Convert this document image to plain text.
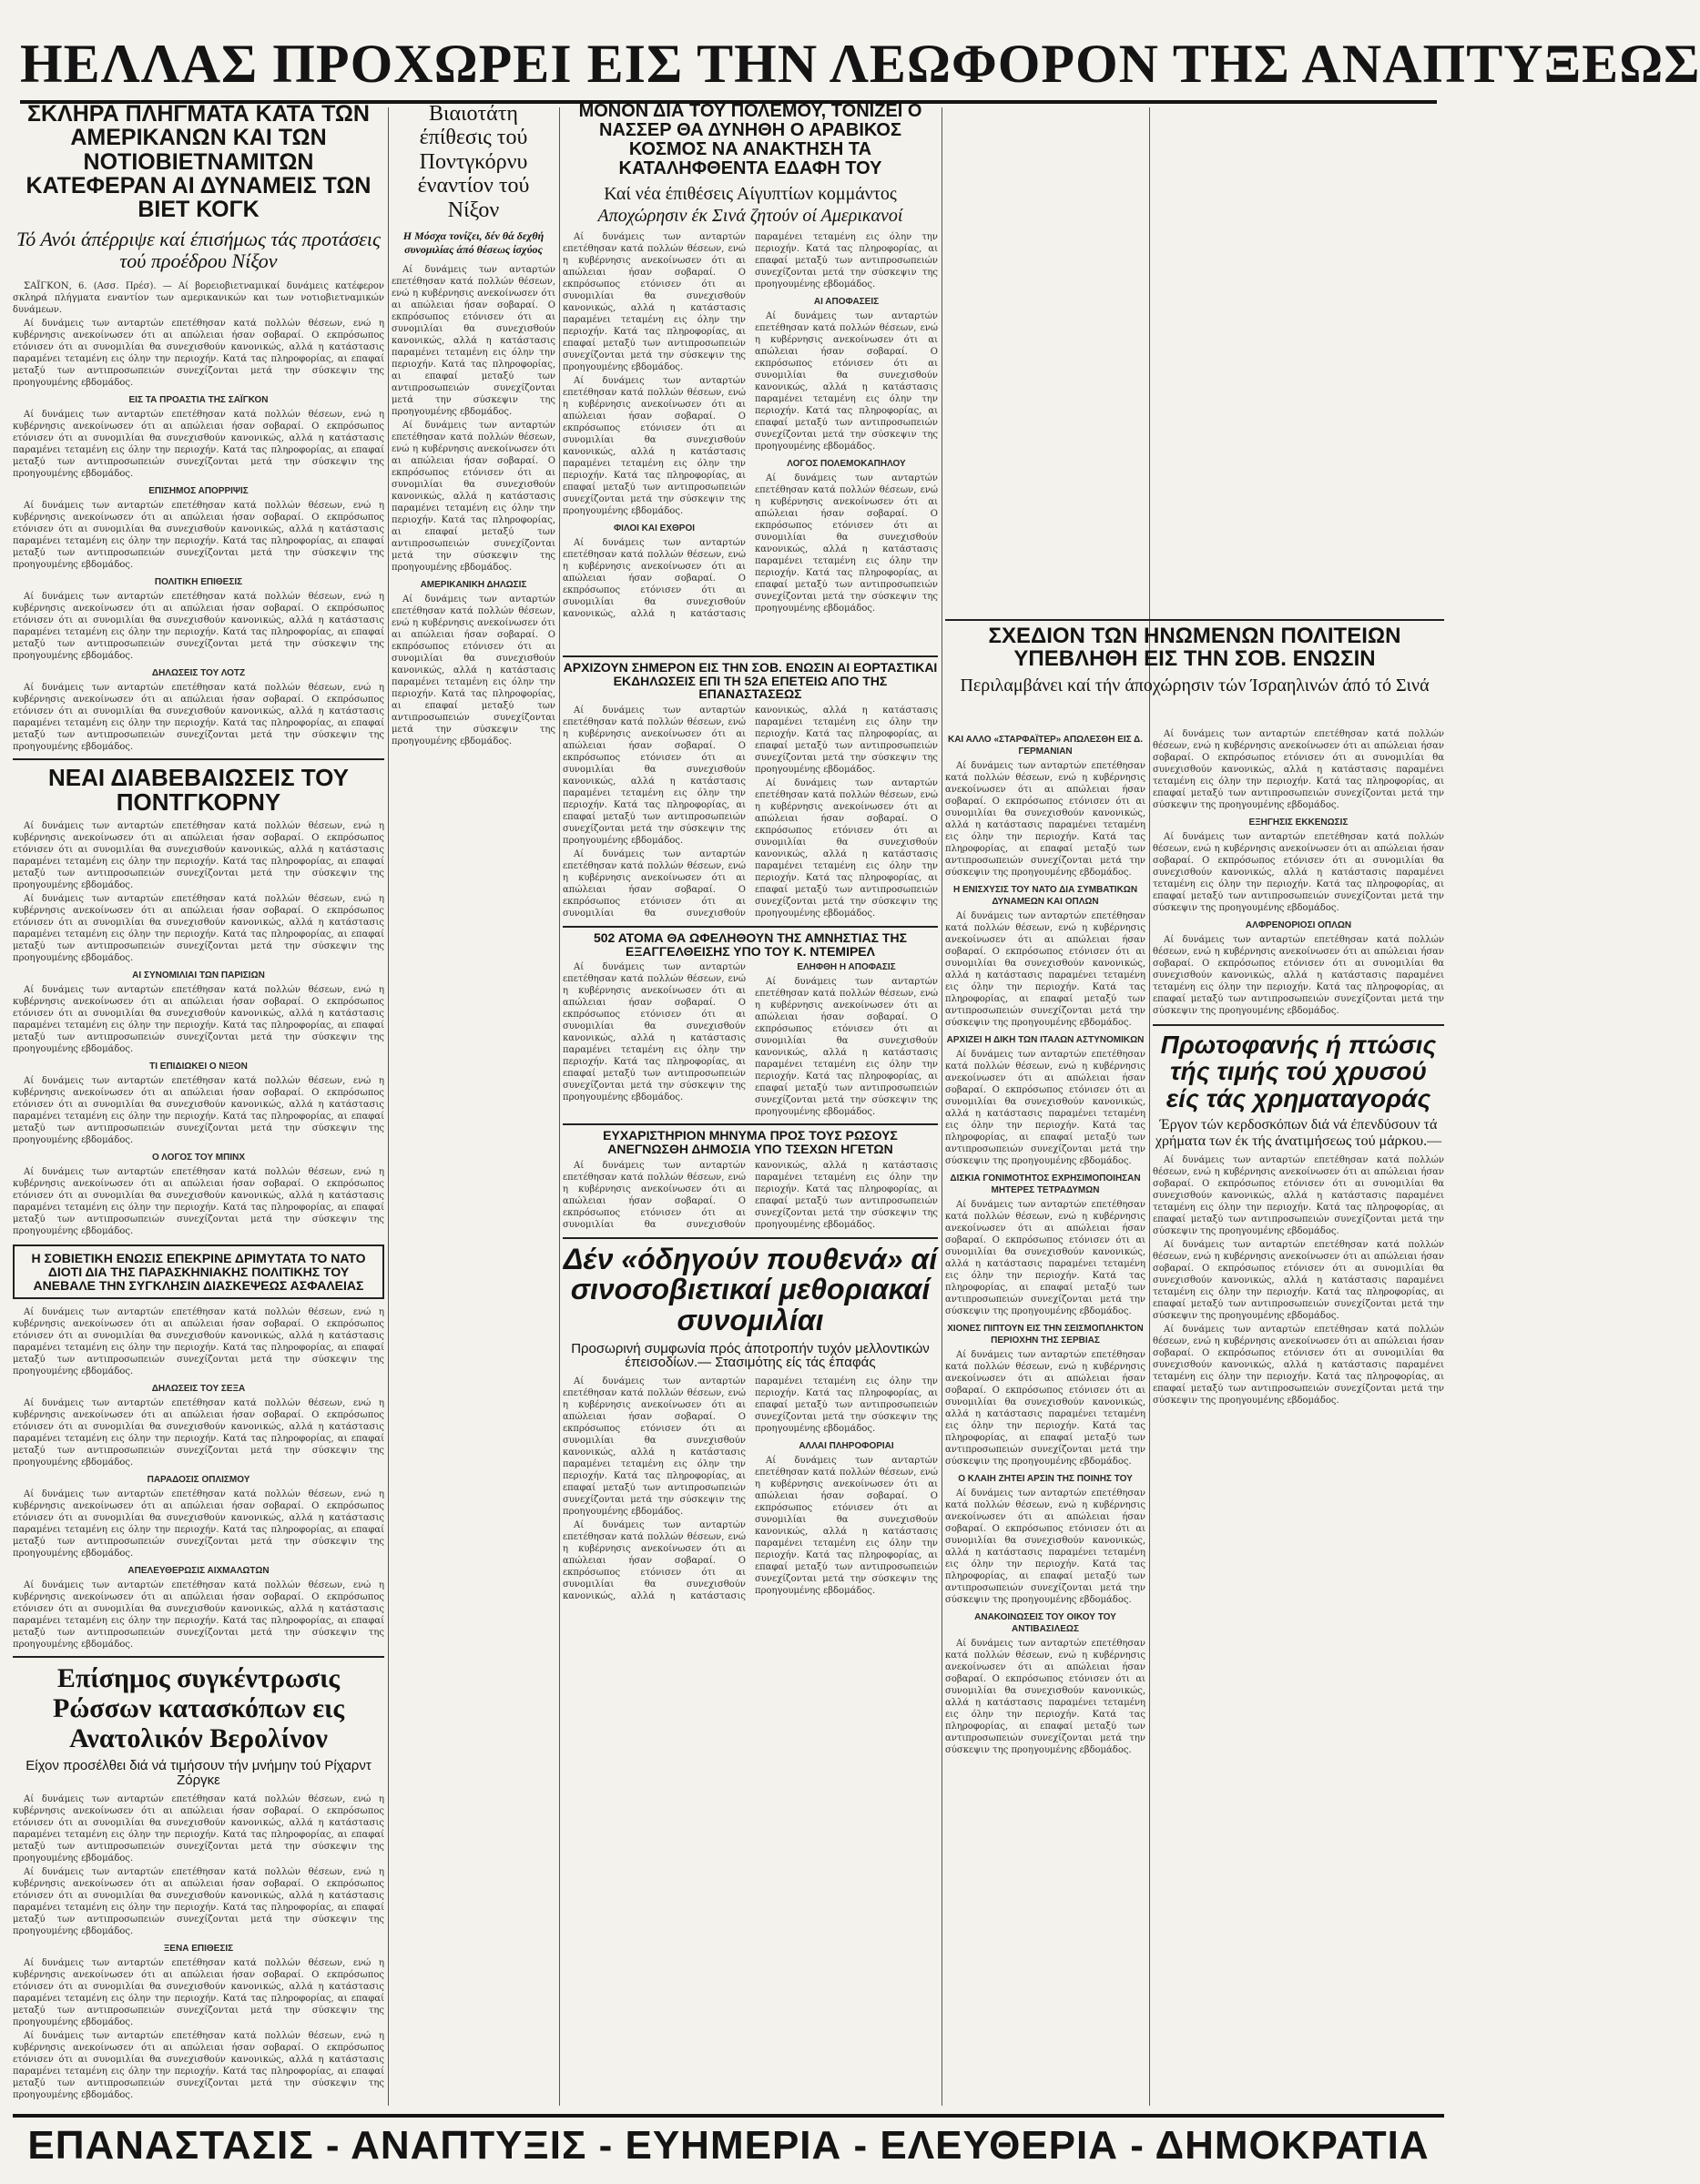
ΗΕΛΛΑΣ ΠΡΟΧΩΡΕΙ ΕΙΣ ΤΗΝ ΛΕΩΦΟΡΟΝ ΤΗΣ ΑΝΑΠΤΥΞΕΩΣ
ΣΚΛΗΡΑ ΠΛΗΓΜΑΤΑ ΚΑΤΑ ΤΩΝ ΑΜΕΡΙΚΑΝΩΝ ΚΑΙ ΤΩΝ ΝΟΤΙΟΒΙΕΤΝΑΜΙΤΩΝ ΚΑΤΕΦΕΡΑΝ ΑΙ ΔΥΝΑΜΕΙΣ ΤΩΝ ΒΙΕΤ ΚΟΓΚ
Τό Ανόι άπέρριψε καί έπισήμως τάς προτάσεις τού προέδρου Νίξον

ΣΑΪΓΚΟΝ, 6. (Ασσ. Πρέσ). — Αί βορειοβιετναμικαί δυνάμεις κατέφερον σκληρά πλήγματα εναντίον των αμερικανικών και των νοτιοβιετναμικών δυνάμεων.

Αί δυνάμεις των ανταρτών επετέθησαν κατά πολλών θέσεων, ενώ η κυβέρνησις ανεκοίνωσεν ότι αι απώλειαι ήσαν σοβαραί. Ο εκπρόσωπος ετόνισεν ότι αι συνομιλίαι θα συνεχισθούν κανονικώς, αλλά η κατάστασις παραμένει τεταμένη εις όλην την περιοχήν. Κατά τας πληροφορίας, αι επαφαί μεταξύ των αντιπροσωπειών συνεχίζονται μετά την σύσκεψιν της προηγουμένης εβδομάδος.

ΕΙΣ ΤΑ ΠΡΟΑΣΤΙΑ ΤΗΣ ΣΑΪΓΚΟΝ

Αί δυνάμεις των ανταρτών επετέθησαν κατά πολλών θέσεων, ενώ η κυβέρνησις ανεκοίνωσεν ότι αι απώλειαι ήσαν σοβαραί. Ο εκπρόσωπος ετόνισεν ότι αι συνομιλίαι θα συνεχισθούν κανονικώς, αλλά η κατάστασις παραμένει τεταμένη εις όλην την περιοχήν. Κατά τας πληροφορίας, αι επαφαί μεταξύ των αντιπροσωπειών συνεχίζονται μετά την σύσκεψιν της προηγουμένης εβδομάδος.

ΕΠΙΣΗΜΟΣ ΑΠΟΡΡΙΨΙΣ

Αί δυνάμεις των ανταρτών επετέθησαν κατά πολλών θέσεων, ενώ η κυβέρνησις ανεκοίνωσεν ότι αι απώλειαι ήσαν σοβαραί. Ο εκπρόσωπος ετόνισεν ότι αι συνομιλίαι θα συνεχισθούν κανονικώς, αλλά η κατάστασις παραμένει τεταμένη εις όλην την περιοχήν. Κατά τας πληροφορίας, αι επαφαί μεταξύ των αντιπροσωπειών συνεχίζονται μετά την σύσκεψιν της προηγουμένης εβδομάδος.

ΠΟΛΙΤΙΚΗ ΕΠΙΘΕΣΙΣ

Αί δυνάμεις των ανταρτών επετέθησαν κατά πολλών θέσεων, ενώ η κυβέρνησις ανεκοίνωσεν ότι αι απώλειαι ήσαν σοβαραί. Ο εκπρόσωπος ετόνισεν ότι αι συνομιλίαι θα συνεχισθούν κανονικώς, αλλά η κατάστασις παραμένει τεταμένη εις όλην την περιοχήν. Κατά τας πληροφορίας, αι επαφαί μεταξύ των αντιπροσωπειών συνεχίζονται μετά την σύσκεψιν της προηγουμένης εβδομάδος.

ΔΗΛΩΣΕΙΣ ΤΟΥ ΛΟΤΖ

Αί δυνάμεις των ανταρτών επετέθησαν κατά πολλών θέσεων, ενώ η κυβέρνησις ανεκοίνωσεν ότι αι απώλειαι ήσαν σοβαραί. Ο εκπρόσωπος ετόνισεν ότι αι συνομιλίαι θα συνεχισθούν κανονικώς, αλλά η κατάστασις παραμένει τεταμένη εις όλην την περιοχήν. Κατά τας πληροφορίας, αι επαφαί μεταξύ των αντιπροσωπειών συνεχίζονται μετά την σύσκεψιν της προηγουμένης εβδομάδος.

ΝΕΑΙ ΔΙΑΒΕΒΑΙΩΣΕΙΣ ΤΟΥ ΠΟΝΤΓΚΟΡΝΥ

Αί δυνάμεις των ανταρτών επετέθησαν κατά πολλών θέσεων, ενώ η κυβέρνησις ανεκοίνωσεν ότι αι απώλειαι ήσαν σοβαραί. Ο εκπρόσωπος ετόνισεν ότι αι συνομιλίαι θα συνεχισθούν κανονικώς, αλλά η κατάστασις παραμένει τεταμένη εις όλην την περιοχήν. Κατά τας πληροφορίας, αι επαφαί μεταξύ των αντιπροσωπειών συνεχίζονται μετά την σύσκεψιν της προηγουμένης εβδομάδος.

Αί δυνάμεις των ανταρτών επετέθησαν κατά πολλών θέσεων, ενώ η κυβέρνησις ανεκοίνωσεν ότι αι απώλειαι ήσαν σοβαραί. Ο εκπρόσωπος ετόνισεν ότι αι συνομιλίαι θα συνεχισθούν κανονικώς, αλλά η κατάστασις παραμένει τεταμένη εις όλην την περιοχήν. Κατά τας πληροφορίας, αι επαφαί μεταξύ των αντιπροσωπειών συνεχίζονται μετά την σύσκεψιν της προηγουμένης εβδομάδος.

ΑΙ ΣΥΝΟΜΙΛΙΑΙ ΤΩΝ ΠΑΡΙΣΙΩΝ

Αί δυνάμεις των ανταρτών επετέθησαν κατά πολλών θέσεων, ενώ η κυβέρνησις ανεκοίνωσεν ότι αι απώλειαι ήσαν σοβαραί. Ο εκπρόσωπος ετόνισεν ότι αι συνομιλίαι θα συνεχισθούν κανονικώς, αλλά η κατάστασις παραμένει τεταμένη εις όλην την περιοχήν. Κατά τας πληροφορίας, αι επαφαί μεταξύ των αντιπροσωπειών συνεχίζονται μετά την σύσκεψιν της προηγουμένης εβδομάδος.

ΤΙ ΕΠΙΔΙΩΚΕΙ Ο ΝΙΞΟΝ

Αί δυνάμεις των ανταρτών επετέθησαν κατά πολλών θέσεων, ενώ η κυβέρνησις ανεκοίνωσεν ότι αι απώλειαι ήσαν σοβαραί. Ο εκπρόσωπος ετόνισεν ότι αι συνομιλίαι θα συνεχισθούν κανονικώς, αλλά η κατάστασις παραμένει τεταμένη εις όλην την περιοχήν. Κατά τας πληροφορίας, αι επαφαί μεταξύ των αντιπροσωπειών συνεχίζονται μετά την σύσκεψιν της προηγουμένης εβδομάδος.

Ο ΛΟΓΟΣ ΤΟΥ ΜΠΙΝΧ

Αί δυνάμεις των ανταρτών επετέθησαν κατά πολλών θέσεων, ενώ η κυβέρνησις ανεκοίνωσεν ότι αι απώλειαι ήσαν σοβαραί. Ο εκπρόσωπος ετόνισεν ότι αι συνομιλίαι θα συνεχισθούν κανονικώς, αλλά η κατάστασις παραμένει τεταμένη εις όλην την περιοχήν. Κατά τας πληροφορίας, αι επαφαί μεταξύ των αντιπροσωπειών συνεχίζονται μετά την σύσκεψιν της προηγουμένης εβδομάδος.

Η ΣΟΒΙΕΤΙΚΗ ΕΝΩΣΙΣ ΕΠΕΚΡΙΝΕ ΔΡΙΜΥΤΑΤΑ ΤΟ ΝΑΤΟ ΔΙΟΤΙ ΔΙΑ ΤΗΣ ΠΑΡΑΣΚΗΝΙΑΚΗΣ ΠΟΛΙΤΙΚΗΣ ΤΟΥ ΑΝΕΒΑΛΕ ΤΗΝ ΣΥΓΚΛΗΣΙΝ ΔΙΑΣΚΕΨΕΩΣ ΑΣΦΑΛΕΙΑΣ

Αί δυνάμεις των ανταρτών επετέθησαν κατά πολλών θέσεων, ενώ η κυβέρνησις ανεκοίνωσεν ότι αι απώλειαι ήσαν σοβαραί. Ο εκπρόσωπος ετόνισεν ότι αι συνομιλίαι θα συνεχισθούν κανονικώς, αλλά η κατάστασις παραμένει τεταμένη εις όλην την περιοχήν. Κατά τας πληροφορίας, αι επαφαί μεταξύ των αντιπροσωπειών συνεχίζονται μετά την σύσκεψιν της προηγουμένης εβδομάδος.

ΔΗΛΩΣΕΙΣ ΤΟΥ ΣΕΞΑ

Αί δυνάμεις των ανταρτών επετέθησαν κατά πολλών θέσεων, ενώ η κυβέρνησις ανεκοίνωσεν ότι αι απώλειαι ήσαν σοβαραί. Ο εκπρόσωπος ετόνισεν ότι αι συνομιλίαι θα συνεχισθούν κανονικώς, αλλά η κατάστασις παραμένει τεταμένη εις όλην την περιοχήν. Κατά τας πληροφορίας, αι επαφαί μεταξύ των αντιπροσωπειών συνεχίζονται μετά την σύσκεψιν της προηγουμένης εβδομάδος.

ΠΑΡΑΔΟΣΙΣ ΟΠΛΙΣΜΟΥ

Αί δυνάμεις των ανταρτών επετέθησαν κατά πολλών θέσεων, ενώ η κυβέρνησις ανεκοίνωσεν ότι αι απώλειαι ήσαν σοβαραί. Ο εκπρόσωπος ετόνισεν ότι αι συνομιλίαι θα συνεχισθούν κανονικώς, αλλά η κατάστασις παραμένει τεταμένη εις όλην την περιοχήν. Κατά τας πληροφορίας, αι επαφαί μεταξύ των αντιπροσωπειών συνεχίζονται μετά την σύσκεψιν της προηγουμένης εβδομάδος.

ΑΠΕΛΕΥΘΕΡΩΣΙΣ ΑΙΧΜΑΛΩΤΩΝ

Αί δυνάμεις των ανταρτών επετέθησαν κατά πολλών θέσεων, ενώ η κυβέρνησις ανεκοίνωσεν ότι αι απώλειαι ήσαν σοβαραί. Ο εκπρόσωπος ετόνισεν ότι αι συνομιλίαι θα συνεχισθούν κανονικώς, αλλά η κατάστασις παραμένει τεταμένη εις όλην την περιοχήν. Κατά τας πληροφορίας, αι επαφαί μεταξύ των αντιπροσωπειών συνεχίζονται μετά την σύσκεψιν της προηγουμένης εβδομάδος.

Επίσημος συγκέντρωσις Ρώσσων κατασκόπων εις Ανατολικόν Βερολίνον
Είχον προσέλθει διά νά τιμήσουν τήν μνήμην τού Ρίχαρντ Ζόργκε

Αί δυνάμεις των ανταρτών επετέθησαν κατά πολλών θέσεων, ενώ η κυβέρνησις ανεκοίνωσεν ότι αι απώλειαι ήσαν σοβαραί. Ο εκπρόσωπος ετόνισεν ότι αι συνομιλίαι θα συνεχισθούν κανονικώς, αλλά η κατάστασις παραμένει τεταμένη εις όλην την περιοχήν. Κατά τας πληροφορίας, αι επαφαί μεταξύ των αντιπροσωπειών συνεχίζονται μετά την σύσκεψιν της προηγουμένης εβδομάδος.

Αί δυνάμεις των ανταρτών επετέθησαν κατά πολλών θέσεων, ενώ η κυβέρνησις ανεκοίνωσεν ότι αι απώλειαι ήσαν σοβαραί. Ο εκπρόσωπος ετόνισεν ότι αι συνομιλίαι θα συνεχισθούν κανονικώς, αλλά η κατάστασις παραμένει τεταμένη εις όλην την περιοχήν. Κατά τας πληροφορίας, αι επαφαί μεταξύ των αντιπροσωπειών συνεχίζονται μετά την σύσκεψιν της προηγουμένης εβδομάδος.

ΞΕΝΑ ΕΠΙΘΕΣΙΣ

Αί δυνάμεις των ανταρτών επετέθησαν κατά πολλών θέσεων, ενώ η κυβέρνησις ανεκοίνωσεν ότι αι απώλειαι ήσαν σοβαραί. Ο εκπρόσωπος ετόνισεν ότι αι συνομιλίαι θα συνεχισθούν κανονικώς, αλλά η κατάστασις παραμένει τεταμένη εις όλην την περιοχήν. Κατά τας πληροφορίας, αι επαφαί μεταξύ των αντιπροσωπειών συνεχίζονται μετά την σύσκεψιν της προηγουμένης εβδομάδος.

Αί δυνάμεις των ανταρτών επετέθησαν κατά πολλών θέσεων, ενώ η κυβέρνησις ανεκοίνωσεν ότι αι απώλειαι ήσαν σοβαραί. Ο εκπρόσωπος ετόνισεν ότι αι συνομιλίαι θα συνεχισθούν κανονικώς, αλλά η κατάστασις παραμένει τεταμένη εις όλην την περιοχήν. Κατά τας πληροφορίας, αι επαφαί μεταξύ των αντιπροσωπειών συνεχίζονται μετά την σύσκεψιν της προηγουμένης εβδομάδος.

Βιαιοτάτη έπίθεσις τού Ποντγκόρνυ έναντίον τού Νίξον
Η Μόσχα τονίζει, δέν θά δεχθή συνομιλίας άπό θέσεως ίσχύος

Αί δυνάμεις των ανταρτών επετέθησαν κατά πολλών θέσεων, ενώ η κυβέρνησις ανεκοίνωσεν ότι αι απώλειαι ήσαν σοβαραί. Ο εκπρόσωπος ετόνισεν ότι αι συνομιλίαι θα συνεχισθούν κανονικώς, αλλά η κατάστασις παραμένει τεταμένη εις όλην την περιοχήν. Κατά τας πληροφορίας, αι επαφαί μεταξύ των αντιπροσωπειών συνεχίζονται μετά την σύσκεψιν της προηγουμένης εβδομάδος.

Αί δυνάμεις των ανταρτών επετέθησαν κατά πολλών θέσεων, ενώ η κυβέρνησις ανεκοίνωσεν ότι αι απώλειαι ήσαν σοβαραί. Ο εκπρόσωπος ετόνισεν ότι αι συνομιλίαι θα συνεχισθούν κανονικώς, αλλά η κατάστασις παραμένει τεταμένη εις όλην την περιοχήν. Κατά τας πληροφορίας, αι επαφαί μεταξύ των αντιπροσωπειών συνεχίζονται μετά την σύσκεψιν της προηγουμένης εβδομάδος.

ΑΜΕΡΙΚΑΝΙΚΗ ΔΗΛΩΣΙΣ

Αί δυνάμεις των ανταρτών επετέθησαν κατά πολλών θέσεων, ενώ η κυβέρνησις ανεκοίνωσεν ότι αι απώλειαι ήσαν σοβαραί. Ο εκπρόσωπος ετόνισεν ότι αι συνομιλίαι θα συνεχισθούν κανονικώς, αλλά η κατάστασις παραμένει τεταμένη εις όλην την περιοχήν. Κατά τας πληροφορίας, αι επαφαί μεταξύ των αντιπροσωπειών συνεχίζονται μετά την σύσκεψιν της προηγουμένης εβδομάδος.

ΜΟΝΟΝ ΔΙΑ ΤΟΥ ΠΟΛΕΜΟΥ, ΤΟΝΙΖΕΙ Ο ΝΑΣΣΕΡ ΘΑ ΔΥΝΗΘΗ Ο ΑΡΑΒΙΚΟΣ ΚΟΣΜΟΣ ΝΑ ΑΝΑΚΤΗΣΗ ΤΑ ΚΑΤΑΛΗΦΘΕΝΤΑ ΕΔΑΦΗ ΤΟΥ
Καί νέα έπιθέσεις Αίγυπτίων κομμάντος
Αποχώρησιν έκ Σινά ζητούν οί Αμερικανοί

Αί δυνάμεις των ανταρτών επετέθησαν κατά πολλών θέσεων, ενώ η κυβέρνησις ανεκοίνωσεν ότι αι απώλειαι ήσαν σοβαραί. Ο εκπρόσωπος ετόνισεν ότι αι συνομιλίαι θα συνεχισθούν κανονικώς, αλλά η κατάστασις παραμένει τεταμένη εις όλην την περιοχήν. Κατά τας πληροφορίας, αι επαφαί μεταξύ των αντιπροσωπειών συνεχίζονται μετά την σύσκεψιν της προηγουμένης εβδομάδος.

Αί δυνάμεις των ανταρτών επετέθησαν κατά πολλών θέσεων, ενώ η κυβέρνησις ανεκοίνωσεν ότι αι απώλειαι ήσαν σοβαραί. Ο εκπρόσωπος ετόνισεν ότι αι συνομιλίαι θα συνεχισθούν κανονικώς, αλλά η κατάστασις παραμένει τεταμένη εις όλην την περιοχήν. Κατά τας πληροφορίας, αι επαφαί μεταξύ των αντιπροσωπειών συνεχίζονται μετά την σύσκεψιν της προηγουμένης εβδομάδος.

ΦΙΛΟΙ ΚΑΙ ΕΧΘΡΟΙ

Αί δυνάμεις των ανταρτών επετέθησαν κατά πολλών θέσεων, ενώ η κυβέρνησις ανεκοίνωσεν ότι αι απώλειαι ήσαν σοβαραί. Ο εκπρόσωπος ετόνισεν ότι αι συνομιλίαι θα συνεχισθούν κανονικώς, αλλά η κατάστασις παραμένει τεταμένη εις όλην την περιοχήν. Κατά τας πληροφορίας, αι επαφαί μεταξύ των αντιπροσωπειών συνεχίζονται μετά την σύσκεψιν της προηγουμένης εβδομάδος.

ΑΙ ΑΠΟΦΑΣΕΙΣ

Αί δυνάμεις των ανταρτών επετέθησαν κατά πολλών θέσεων, ενώ η κυβέρνησις ανεκοίνωσεν ότι αι απώλειαι ήσαν σοβαραί. Ο εκπρόσωπος ετόνισεν ότι αι συνομιλίαι θα συνεχισθούν κανονικώς, αλλά η κατάστασις παραμένει τεταμένη εις όλην την περιοχήν. Κατά τας πληροφορίας, αι επαφαί μεταξύ των αντιπροσωπειών συνεχίζονται μετά την σύσκεψιν της προηγουμένης εβδομάδος.

ΛΟΓΟΣ ΠΟΛΕΜΟΚΑΠΗΛΟΥ

Αί δυνάμεις των ανταρτών επετέθησαν κατά πολλών θέσεων, ενώ η κυβέρνησις ανεκοίνωσεν ότι αι απώλειαι ήσαν σοβαραί. Ο εκπρόσωπος ετόνισεν ότι αι συνομιλίαι θα συνεχισθούν κανονικώς, αλλά η κατάστασις παραμένει τεταμένη εις όλην την περιοχήν. Κατά τας πληροφορίας, αι επαφαί μεταξύ των αντιπροσωπειών συνεχίζονται μετά την σύσκεψιν της προηγουμένης εβδομάδος.

ΑΡΧΙΖΟΥΝ ΣΗΜΕΡΟΝ ΕΙΣ ΤΗΝ ΣΟΒ. ΕΝΩΣΙΝ ΑΙ ΕΟΡΤΑΣΤΙΚΑΙ ΕΚΔΗΛΩΣΕΙΣ ΕΠΙ ΤΗ 52Α ΕΠΕΤΕΙΩ ΑΠΟ ΤΗΣ ΕΠΑΝΑΣΤΑΣΕΩΣ

Αί δυνάμεις των ανταρτών επετέθησαν κατά πολλών θέσεων, ενώ η κυβέρνησις ανεκοίνωσεν ότι αι απώλειαι ήσαν σοβαραί. Ο εκπρόσωπος ετόνισεν ότι αι συνομιλίαι θα συνεχισθούν κανονικώς, αλλά η κατάστασις παραμένει τεταμένη εις όλην την περιοχήν. Κατά τας πληροφορίας, αι επαφαί μεταξύ των αντιπροσωπειών συνεχίζονται μετά την σύσκεψιν της προηγουμένης εβδομάδος.

Αί δυνάμεις των ανταρτών επετέθησαν κατά πολλών θέσεων, ενώ η κυβέρνησις ανεκοίνωσεν ότι αι απώλειαι ήσαν σοβαραί. Ο εκπρόσωπος ετόνισεν ότι αι συνομιλίαι θα συνεχισθούν κανονικώς, αλλά η κατάστασις παραμένει τεταμένη εις όλην την περιοχήν. Κατά τας πληροφορίας, αι επαφαί μεταξύ των αντιπροσωπειών συνεχίζονται μετά την σύσκεψιν της προηγουμένης εβδομάδος.

Αί δυνάμεις των ανταρτών επετέθησαν κατά πολλών θέσεων, ενώ η κυβέρνησις ανεκοίνωσεν ότι αι απώλειαι ήσαν σοβαραί. Ο εκπρόσωπος ετόνισεν ότι αι συνομιλίαι θα συνεχισθούν κανονικώς, αλλά η κατάστασις παραμένει τεταμένη εις όλην την περιοχήν. Κατά τας πληροφορίας, αι επαφαί μεταξύ των αντιπροσωπειών συνεχίζονται μετά την σύσκεψιν της προηγουμένης εβδομάδος.

502 ΑΤΟΜΑ ΘΑ ΩΦΕΛΗΘΟΥΝ ΤΗΣ ΑΜΝΗΣΤΙΑΣ ΤΗΣ ΕΞΑΓΓΕΛΘΕΙΣΗΣ ΥΠΟ ΤΟΥ Κ. ΝΤΕΜΙΡΕΛ

Αί δυνάμεις των ανταρτών επετέθησαν κατά πολλών θέσεων, ενώ η κυβέρνησις ανεκοίνωσεν ότι αι απώλειαι ήσαν σοβαραί. Ο εκπρόσωπος ετόνισεν ότι αι συνομιλίαι θα συνεχισθούν κανονικώς, αλλά η κατάστασις παραμένει τεταμένη εις όλην την περιοχήν. Κατά τας πληροφορίας, αι επαφαί μεταξύ των αντιπροσωπειών συνεχίζονται μετά την σύσκεψιν της προηγουμένης εβδομάδος.

ΕΛΗΦΘΗ Η ΑΠΟΦΑΣΙΣ

Αί δυνάμεις των ανταρτών επετέθησαν κατά πολλών θέσεων, ενώ η κυβέρνησις ανεκοίνωσεν ότι αι απώλειαι ήσαν σοβαραί. Ο εκπρόσωπος ετόνισεν ότι αι συνομιλίαι θα συνεχισθούν κανονικώς, αλλά η κατάστασις παραμένει τεταμένη εις όλην την περιοχήν. Κατά τας πληροφορίας, αι επαφαί μεταξύ των αντιπροσωπειών συνεχίζονται μετά την σύσκεψιν της προηγουμένης εβδομάδος.

ΕΥΧΑΡΙΣΤΗΡΙΟΝ ΜΗΝΥΜΑ ΠΡΟΣ ΤΟΥΣ ΡΩΣΟΥΣ ΑΝΕΓΝΩΣΘΗ ΔΗΜΟΣΙΑ ΥΠΟ ΤΣΕΧΩΝ ΗΓΕΤΩΝ

Αί δυνάμεις των ανταρτών επετέθησαν κατά πολλών θέσεων, ενώ η κυβέρνησις ανεκοίνωσεν ότι αι απώλειαι ήσαν σοβαραί. Ο εκπρόσωπος ετόνισεν ότι αι συνομιλίαι θα συνεχισθούν κανονικώς, αλλά η κατάστασις παραμένει τεταμένη εις όλην την περιοχήν. Κατά τας πληροφορίας, αι επαφαί μεταξύ των αντιπροσωπειών συνεχίζονται μετά την σύσκεψιν της προηγουμένης εβδομάδος.

Δέν «όδηγούν πουθενά» αί σινοσοβιετικαί μεθοριακαί συνομιλίαι
Προσωρινή συμφωνία πρός άποτροπήν τυχόν μελλοντικών έπεισοδίων.— Στασιμότης είς τάς έπαφάς

Αί δυνάμεις των ανταρτών επετέθησαν κατά πολλών θέσεων, ενώ η κυβέρνησις ανεκοίνωσεν ότι αι απώλειαι ήσαν σοβαραί. Ο εκπρόσωπος ετόνισεν ότι αι συνομιλίαι θα συνεχισθούν κανονικώς, αλλά η κατάστασις παραμένει τεταμένη εις όλην την περιοχήν. Κατά τας πληροφορίας, αι επαφαί μεταξύ των αντιπροσωπειών συνεχίζονται μετά την σύσκεψιν της προηγουμένης εβδομάδος.

Αί δυνάμεις των ανταρτών επετέθησαν κατά πολλών θέσεων, ενώ η κυβέρνησις ανεκοίνωσεν ότι αι απώλειαι ήσαν σοβαραί. Ο εκπρόσωπος ετόνισεν ότι αι συνομιλίαι θα συνεχισθούν κανονικώς, αλλά η κατάστασις παραμένει τεταμένη εις όλην την περιοχήν. Κατά τας πληροφορίας, αι επαφαί μεταξύ των αντιπροσωπειών συνεχίζονται μετά την σύσκεψιν της προηγουμένης εβδομάδος.

ΑΛΛΑΙ ΠΛΗΡΟΦΟΡΙΑΙ

Αί δυνάμεις των ανταρτών επετέθησαν κατά πολλών θέσεων, ενώ η κυβέρνησις ανεκοίνωσεν ότι αι απώλειαι ήσαν σοβαραί. Ο εκπρόσωπος ετόνισεν ότι αι συνομιλίαι θα συνεχισθούν κανονικώς, αλλά η κατάστασις παραμένει τεταμένη εις όλην την περιοχήν. Κατά τας πληροφορίας, αι επαφαί μεταξύ των αντιπροσωπειών συνεχίζονται μετά την σύσκεψιν της προηγουμένης εβδομάδος.

ΣΧΕΔΙΟΝ ΤΩΝ ΗΝΩΜΕΝΩΝ ΠΟΛΙΤΕΙΩΝ ΥΠΕΒΛΗΘΗ ΕΙΣ ΤΗΝ ΣΟΒ. ΕΝΩΣΙΝ
Περιλαμβάνει καί τήν άποχώρησιν τών Ίσραηλινών άπό τό Σινά
ΚΑΙ ΑΛΛΟ «ΣΤΑΡΦΑΪΤΕΡ» ΑΠΩΛΕΣΘΗ ΕΙΣ Δ. ΓΕΡΜΑΝΙΑΝ

Αί δυνάμεις των ανταρτών επετέθησαν κατά πολλών θέσεων, ενώ η κυβέρνησις ανεκοίνωσεν ότι αι απώλειαι ήσαν σοβαραί. Ο εκπρόσωπος ετόνισεν ότι αι συνομιλίαι θα συνεχισθούν κανονικώς, αλλά η κατάστασις παραμένει τεταμένη εις όλην την περιοχήν. Κατά τας πληροφορίας, αι επαφαί μεταξύ των αντιπροσωπειών συνεχίζονται μετά την σύσκεψιν της προηγουμένης εβδομάδος.

Η ΕΝΙΣΧΥΣΙΣ ΤΟΥ ΝΑΤΟ ΔΙΑ ΣΥΜΒΑΤΙΚΩΝ ΔΥΝΑΜΕΩΝ ΚΑΙ ΟΠΛΩΝ

Αί δυνάμεις των ανταρτών επετέθησαν κατά πολλών θέσεων, ενώ η κυβέρνησις ανεκοίνωσεν ότι αι απώλειαι ήσαν σοβαραί. Ο εκπρόσωπος ετόνισεν ότι αι συνομιλίαι θα συνεχισθούν κανονικώς, αλλά η κατάστασις παραμένει τεταμένη εις όλην την περιοχήν. Κατά τας πληροφορίας, αι επαφαί μεταξύ των αντιπροσωπειών συνεχίζονται μετά την σύσκεψιν της προηγουμένης εβδομάδος.

ΑΡΧΙΖΕΙ Η ΔΙΚΗ ΤΩΝ ΙΤΑΛΩΝ ΑΣΤΥΝΟΜΙΚΩΝ

Αί δυνάμεις των ανταρτών επετέθησαν κατά πολλών θέσεων, ενώ η κυβέρνησις ανεκοίνωσεν ότι αι απώλειαι ήσαν σοβαραί. Ο εκπρόσωπος ετόνισεν ότι αι συνομιλίαι θα συνεχισθούν κανονικώς, αλλά η κατάστασις παραμένει τεταμένη εις όλην την περιοχήν. Κατά τας πληροφορίας, αι επαφαί μεταξύ των αντιπροσωπειών συνεχίζονται μετά την σύσκεψιν της προηγουμένης εβδομάδος.

ΔΙΣΚΙΑ ΓΟΝΙΜΟΤΗΤΟΣ ΕΧΡΗΣΙΜΟΠΟΙΗΣΑΝ ΜΗΤΕΡΕΣ ΤΕΤΡΑΔΥΜΩΝ

Αί δυνάμεις των ανταρτών επετέθησαν κατά πολλών θέσεων, ενώ η κυβέρνησις ανεκοίνωσεν ότι αι απώλειαι ήσαν σοβαραί. Ο εκπρόσωπος ετόνισεν ότι αι συνομιλίαι θα συνεχισθούν κανονικώς, αλλά η κατάστασις παραμένει τεταμένη εις όλην την περιοχήν. Κατά τας πληροφορίας, αι επαφαί μεταξύ των αντιπροσωπειών συνεχίζονται μετά την σύσκεψιν της προηγουμένης εβδομάδος.

ΧΙΟΝΕΣ ΠΙΠΤΟΥΝ ΕΙΣ ΤΗΝ ΣΕΙΣΜΟΠΛΗΚΤΟΝ ΠΕΡΙΟΧΗΝ ΤΗΣ ΣΕΡΒΙΑΣ

Αί δυνάμεις των ανταρτών επετέθησαν κατά πολλών θέσεων, ενώ η κυβέρνησις ανεκοίνωσεν ότι αι απώλειαι ήσαν σοβαραί. Ο εκπρόσωπος ετόνισεν ότι αι συνομιλίαι θα συνεχισθούν κανονικώς, αλλά η κατάστασις παραμένει τεταμένη εις όλην την περιοχήν. Κατά τας πληροφορίας, αι επαφαί μεταξύ των αντιπροσωπειών συνεχίζονται μετά την σύσκεψιν της προηγουμένης εβδομάδος.

Ο ΚΛΑΙΗ ΖΗΤΕΙ ΑΡΣΙΝ ΤΗΣ ΠΟΙΝΗΣ ΤΟΥ

Αί δυνάμεις των ανταρτών επετέθησαν κατά πολλών θέσεων, ενώ η κυβέρνησις ανεκοίνωσεν ότι αι απώλειαι ήσαν σοβαραί. Ο εκπρόσωπος ετόνισεν ότι αι συνομιλίαι θα συνεχισθούν κανονικώς, αλλά η κατάστασις παραμένει τεταμένη εις όλην την περιοχήν. Κατά τας πληροφορίας, αι επαφαί μεταξύ των αντιπροσωπειών συνεχίζονται μετά την σύσκεψιν της προηγουμένης εβδομάδος.

ΑΝΑΚΟΙΝΩΣΕΙΣ ΤΟΥ ΟΙΚΟΥ ΤΟΥ ΑΝΤΙΒΑΣΙΛΕΩΣ

Αί δυνάμεις των ανταρτών επετέθησαν κατά πολλών θέσεων, ενώ η κυβέρνησις ανεκοίνωσεν ότι αι απώλειαι ήσαν σοβαραί. Ο εκπρόσωπος ετόνισεν ότι αι συνομιλίαι θα συνεχισθούν κανονικώς, αλλά η κατάστασις παραμένει τεταμένη εις όλην την περιοχήν. Κατά τας πληροφορίας, αι επαφαί μεταξύ των αντιπροσωπειών συνεχίζονται μετά την σύσκεψιν της προηγουμένης εβδομάδος.

Αί δυνάμεις των ανταρτών επετέθησαν κατά πολλών θέσεων, ενώ η κυβέρνησις ανεκοίνωσεν ότι αι απώλειαι ήσαν σοβαραί. Ο εκπρόσωπος ετόνισεν ότι αι συνομιλίαι θα συνεχισθούν κανονικώς, αλλά η κατάστασις παραμένει τεταμένη εις όλην την περιοχήν. Κατά τας πληροφορίας, αι επαφαί μεταξύ των αντιπροσωπειών συνεχίζονται μετά την σύσκεψιν της προηγουμένης εβδομάδος.

ΕΞΗΓΗΣΙΣ ΕΚΚΕΝΩΣΙΣ

Αί δυνάμεις των ανταρτών επετέθησαν κατά πολλών θέσεων, ενώ η κυβέρνησις ανεκοίνωσεν ότι αι απώλειαι ήσαν σοβαραί. Ο εκπρόσωπος ετόνισεν ότι αι συνομιλίαι θα συνεχισθούν κανονικώς, αλλά η κατάστασις παραμένει τεταμένη εις όλην την περιοχήν. Κατά τας πληροφορίας, αι επαφαί μεταξύ των αντιπροσωπειών συνεχίζονται μετά την σύσκεψιν της προηγουμένης εβδομάδος.

ΑΛΦΡΕΝΟΡΙΟΣΙ ΟΠΛΩΝ

Αί δυνάμεις των ανταρτών επετέθησαν κατά πολλών θέσεων, ενώ η κυβέρνησις ανεκοίνωσεν ότι αι απώλειαι ήσαν σοβαραί. Ο εκπρόσωπος ετόνισεν ότι αι συνομιλίαι θα συνεχισθούν κανονικώς, αλλά η κατάστασις παραμένει τεταμένη εις όλην την περιοχήν. Κατά τας πληροφορίας, αι επαφαί μεταξύ των αντιπροσωπειών συνεχίζονται μετά την σύσκεψιν της προηγουμένης εβδομάδος.

Πρωτοφανής ή πτώσις τής τιμής τού χρυσού είς τάς χρηματαγοράς
Έργον τών κερδοσκόπων διά νά έπενδύσουν τά χρήματα των έκ τής άνατιμήσεως τού μάρκου.—

Αί δυνάμεις των ανταρτών επετέθησαν κατά πολλών θέσεων, ενώ η κυβέρνησις ανεκοίνωσεν ότι αι απώλειαι ήσαν σοβαραί. Ο εκπρόσωπος ετόνισεν ότι αι συνομιλίαι θα συνεχισθούν κανονικώς, αλλά η κατάστασις παραμένει τεταμένη εις όλην την περιοχήν. Κατά τας πληροφορίας, αι επαφαί μεταξύ των αντιπροσωπειών συνεχίζονται μετά την σύσκεψιν της προηγουμένης εβδομάδος.

Αί δυνάμεις των ανταρτών επετέθησαν κατά πολλών θέσεων, ενώ η κυβέρνησις ανεκοίνωσεν ότι αι απώλειαι ήσαν σοβαραί. Ο εκπρόσωπος ετόνισεν ότι αι συνομιλίαι θα συνεχισθούν κανονικώς, αλλά η κατάστασις παραμένει τεταμένη εις όλην την περιοχήν. Κατά τας πληροφορίας, αι επαφαί μεταξύ των αντιπροσωπειών συνεχίζονται μετά την σύσκεψιν της προηγουμένης εβδομάδος.

Αί δυνάμεις των ανταρτών επετέθησαν κατά πολλών θέσεων, ενώ η κυβέρνησις ανεκοίνωσεν ότι αι απώλειαι ήσαν σοβαραί. Ο εκπρόσωπος ετόνισεν ότι αι συνομιλίαι θα συνεχισθούν κανονικώς, αλλά η κατάστασις παραμένει τεταμένη εις όλην την περιοχήν. Κατά τας πληροφορίας, αι επαφαί μεταξύ των αντιπροσωπειών συνεχίζονται μετά την σύσκεψιν της προηγουμένης εβδομάδος.

ΕΠΑΝΑΣΤΑΣΙΣ - ΑΝΑΠΤΥΞΙΣ - ΕΥΗΜΕΡΙΑ - ΕΛΕΥΘΕΡΙΑ - ΔΗΜΟΚΡΑΤΙΑ
